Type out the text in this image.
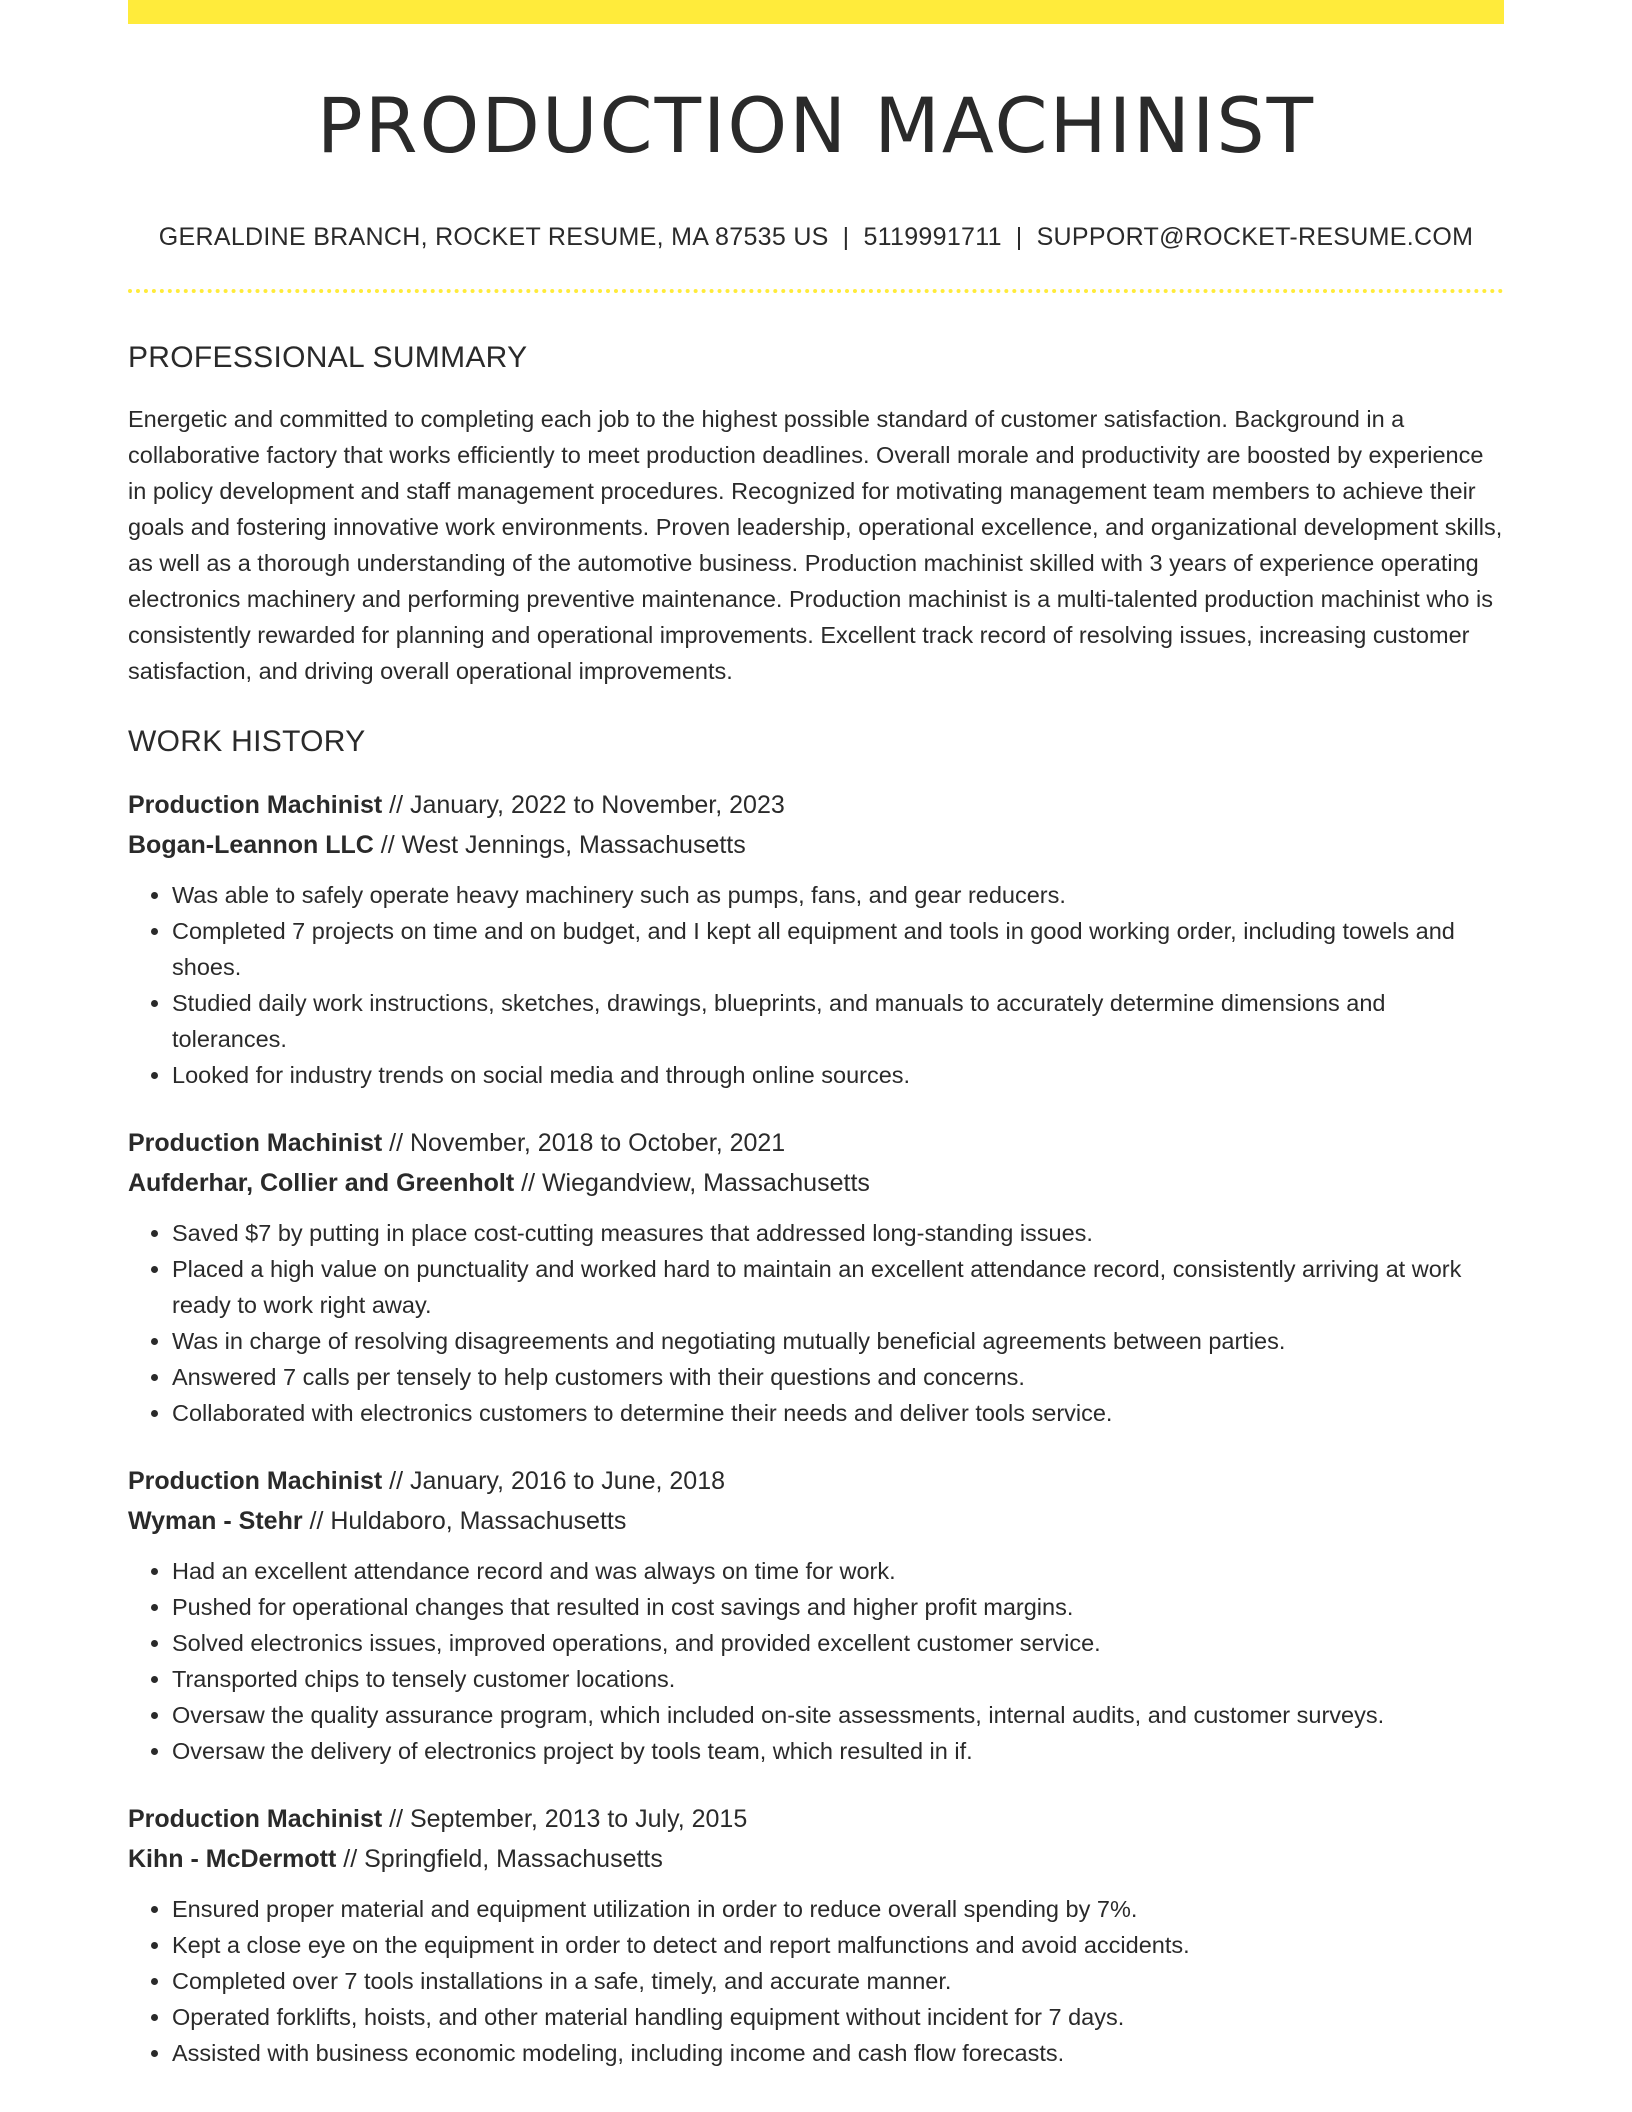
PRODUCTION MACHINIST
GERALDINE BRANCH, ROCKET RESUME, MA 87535 US | 5119991711 | SUPPORT@ROCKET-RESUME.COM
PROFESSIONAL SUMMARY
Energetic and committed to completing each job to the highest possible standard of customer satisfaction. Background in a collaborative factory that works efficiently to meet production deadlines. Overall morale and productivity are boosted by experience in policy development and staff management procedures. Recognized for motivating management team members to achieve their goals and fostering innovative work environments. Proven leadership, operational excellence, and organizational development skills, as well as a thorough understanding of the automotive business. Production machinist skilled with 3 years of experience operating electronics machinery and performing preventive maintenance. Production machinist is a multi-talented production machinist who is consistently rewarded for planning and operational improvements. Excellent track record of resolving issues, increasing customer satisfaction, and driving overall operational improvements.
WORK HISTORY
Production Machinist // January, 2022 to November, 2023
Bogan-Leannon LLC // West Jennings, Massachusetts
• Was able to safely operate heavy machinery such as pumps, fans, and gear reducers.
• Completed 7 projects on time and on budget, and I kept all equipment and tools in good working order, including towels and shoes.
• Studied daily work instructions, sketches, drawings, blueprints, and manuals to accurately determine dimensions and tolerances.
• Looked for industry trends on social media and through online sources.
Production Machinist // November, 2018 to October, 2021
Aufderhar, Collier and Greenholt // Wiegandview, Massachusetts
• Saved $7 by putting in place cost-cutting measures that addressed long-standing issues.
• Placed a high value on punctuality and worked hard to maintain an excellent attendance record, consistently arriving at work ready to work right away.
• Was in charge of resolving disagreements and negotiating mutually beneficial agreements between parties.
• Answered 7 calls per tensely to help customers with their questions and concerns.
• Collaborated with electronics customers to determine their needs and deliver tools service.
Production Machinist // January, 2016 to June, 2018
Wyman - Stehr // Huldaboro, Massachusetts
• Had an excellent attendance record and was always on time for work.
• Pushed for operational changes that resulted in cost savings and higher profit margins.
• Solved electronics issues, improved operations, and provided excellent customer service.
• Transported chips to tensely customer locations.
• Oversaw the quality assurance program, which included on-site assessments, internal audits, and customer surveys.
• Oversaw the delivery of electronics project by tools team, which resulted in if.
Production Machinist // September, 2013 to July, 2015
Kihn - McDermott // Springfield, Massachusetts
• Ensured proper material and equipment utilization in order to reduce overall spending by 7%.
• Kept a close eye on the equipment in order to detect and report malfunctions and avoid accidents.
• Completed over 7 tools installations in a safe, timely, and accurate manner.
• Operated forklifts, hoists, and other material handling equipment without incident for 7 days.
• Assisted with business economic modeling, including income and cash flow forecasts.
